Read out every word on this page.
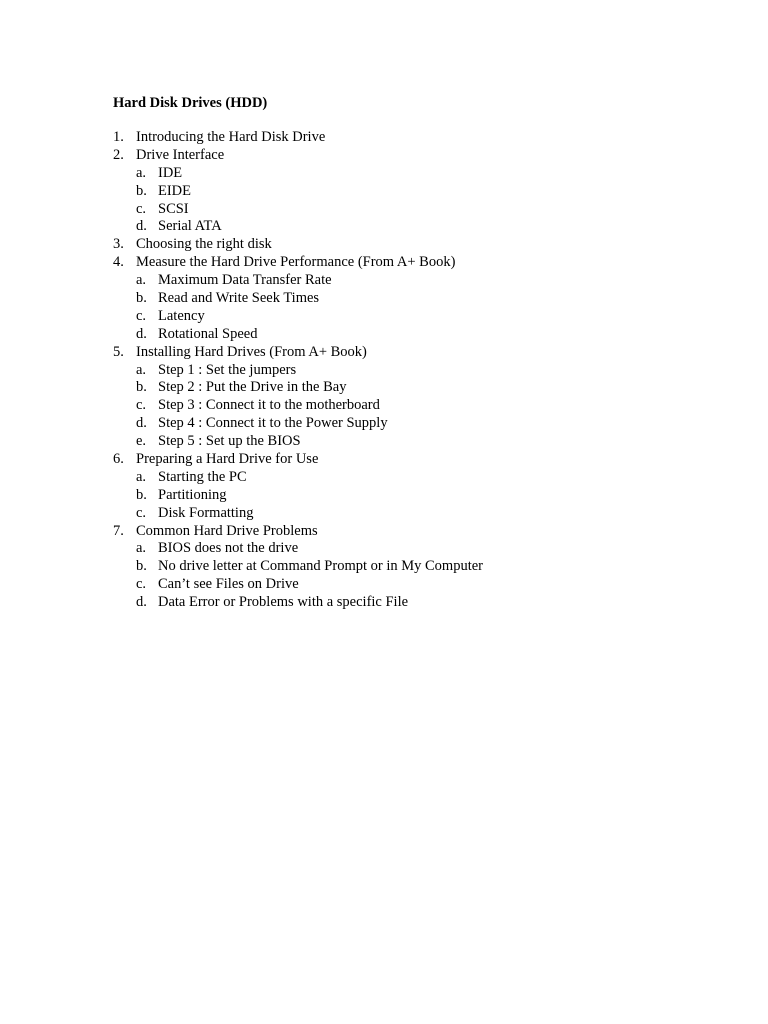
Hard Disk Drives (HDD)
1. Introducing the Hard Disk Drive
2. Drive Interface
a. IDE
b. EIDE
c. SCSI
d. Serial ATA
3. Choosing the right disk
4. Measure the Hard Drive Performance (From A+ Book)
a. Maximum Data Transfer Rate
b. Read and Write Seek Times
c. Latency
d. Rotational Speed
5. Installing Hard Drives (From A+ Book)
a. Step 1 : Set the jumpers
b. Step 2 : Put the Drive in the Bay
c. Step 3 : Connect it to the motherboard
d. Step 4 : Connect it to the Power Supply
e. Step 5 : Set up the BIOS
6. Preparing a Hard Drive for Use
a. Starting the PC
b. Partitioning
c. Disk Formatting
7. Common Hard Drive Problems
a. BIOS does not the drive
b. No drive letter at Command Prompt or in My Computer
c. Can’t see Files on Drive
d. Data Error or Problems with a specific File
